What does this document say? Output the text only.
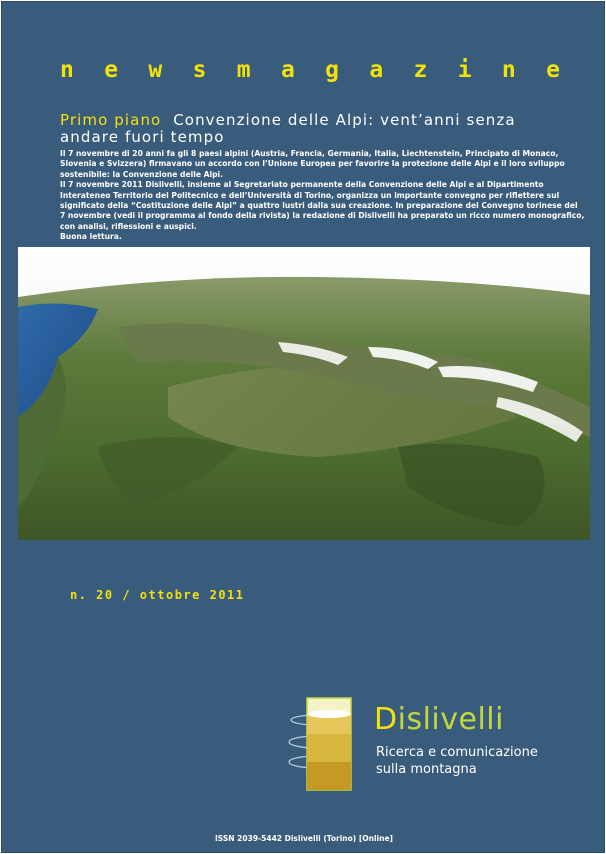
n e w s m a g a z i n e
Primo piano Convenzione delle Alpi: vent’anni senza andare fuori tempo

Il 7 novembre di 20 anni fa gli 8 paesi alpini (Austria, Francia, Germania, Italia, Liechtenstein, Principato di Monaco, Slovenia e Svizzera) firmavano un accordo con l’Unione Europea per favorire la protezione delle Alpi e il loro sviluppo sostenibile: la Convenzione delle Alpi.

Il 7 novembre 2011 Dislivelli, insieme al Segretariato permanente della Convenzione delle Alpi e al Dipartimento Interateneo Territorio del Politecnico e dell’Università di Torino, organizza un importante convegno per riflettere sul significato della “Costituzione delle Alpi” a quattro lustri dalla sua creazione. In preparazione del Convegno torinese del 7 novembre (vedi il programma al fondo della rivista) la redazione di Dislivelli ha preparato un ricco numero monografico, con analisi, riflessioni e auspici.

Buona lettura.

n. 20 / ottobre 2011
Dislivelli
Ricerca e comunicazione
sulla montagna
ISSN 2039-5442 Dislivelli (Torino) [Online]
